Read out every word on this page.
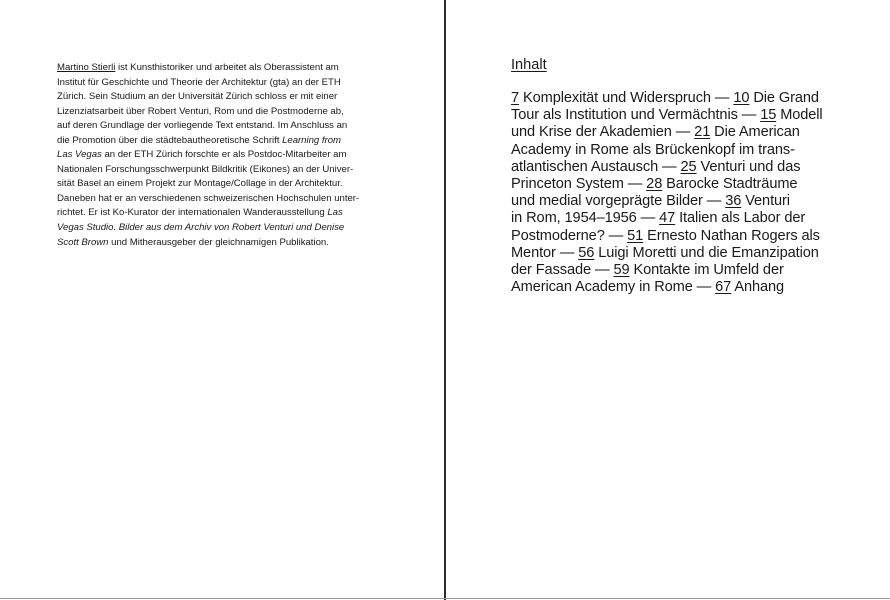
Martino Stierli ist Kunsthistoriker und arbeitet als Oberassistent am
Institut für Geschichte und Theorie der Architektur (gta) an der ETH
Zürich. Sein Studium an der Universität Zürich schloss er mit einer
Lizenziatsarbeit über Robert Venturi, Rom und die Postmoderne ab,
auf deren Grundlage der vorliegende Text entstand. Im Anschluss an
die Promotion über die städtebautheoretische Schrift Learning from
Las Vegas an der ETH Zürich forschte er als Postdoc-Mitarbeiter am
Nationalen Forschungsschwerpunkt Bildkritik (Eikones) an der Univer-
sität Basel an einem Projekt zur Montage/Collage in der Architektur.
Daneben hat er an verschiedenen schweizerischen Hochschulen unter-
richtet. Er ist Ko-Kurator der internationalen Wanderausstellung Las
Vegas Studio. Bilder aus dem Archiv von Robert Venturi und Denise
Scott Brown und Mitherausgeber der gleichnamigen Publikation.
Inhalt
7 Komplexität und Widerspruch — 10 Die Grand
Tour als Institution und Vermächtnis — 15 Modell
und Krise der Akademien — 21 Die American
Academy in Rome als Brückenkopf im trans-
atlantischen Austausch — 25 Venturi und das
Princeton System — 28 Barocke Stadträume
und medial vorgeprägte Bilder — 36 Venturi
in Rom, 1954–1956 — 47 Italien als Labor der
Postmoderne? — 51 Ernesto Nathan Rogers als
Mentor — 56 Luigi Moretti und die Emanzipation
der Fassade — 59 Kontakte im Umfeld der
American Academy in Rome — 67 Anhang
